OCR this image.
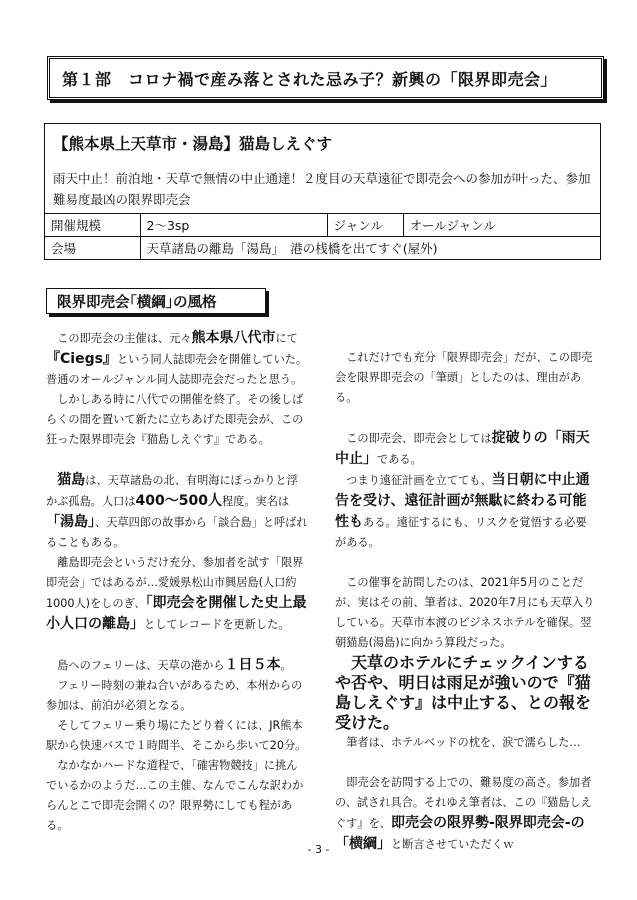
第１部　コロナ禍で産み落とされた忌み子？新興の「限界即売会」
【熊本県上天草市・湯島】猫島しえぐす
雨天中止！前泊地・天草で無情の中止通達！２度目の天草遠征で即売会への参加が叶った、参加難易度最凶の限界即売会
開催規模	2～3sp	ジャンル	オールジャンル
会場	天草諸島の離島「湯島」　港の桟橋を出てすぐ(屋外)		
限界即売会｢横綱｣の風格

この即売会の主催は、元々熊本県八代市にて『Ciegs』という同人誌即売会を開催していた。普通のオールジャンル同人誌即売会だったと思う。

しかしある時に八代での開催を終了。その後しばらくの間を置いて新たに立ちあげた即売会が、この狂った限界即売会『猫島しえぐす』である。

猫島は、天草諸島の北、有明海にぽっかりと浮かぶ孤島。人口は400～500人程度。実名は「湯島」、天草四郎の故事から「談合島」と呼ばれることもある。

離島即売会というだけ充分、参加者を試す「限界即売会」ではあるが…愛媛県松山市興居島(人口約1000人)をしのぎ、「即売会を開催した史上最小人口の離島」としてレコードを更新した。

島へのフェリーは、天草の港から１日５本。

フェリー時刻の兼ね合いがあるため、本州からの参加は、前泊が必須となる。

そしてフェリー乗り場にたどり着くには、JR熊本駅から快速バスで１時間半、そこから歩いて20分。

なかなかハードな道程で、「確害物競技」に挑んでいるかのようだ…この主催、なんでこんな訳わからんとこで即売会開くの？限界勢にしても程がある。

これだけでも充分「限界即売会」だが、この即売会を限界即売会の「筆頭」としたのは、理由がある。

この即売会、即売会としては掟破りの「雨天中止」である。

つまり遠征計画を立てても、当日朝に中止通告を受け、遠征計画が無駄に終わる可能性もある。遠征するにも、リスクを覚悟する必要がある。

この催事を訪問したのは、2021年5月のことだが、実はその前、筆者は、2020年7月にも天草入りしている。天草市本渡のビジネスホテルを確保。翌朝猫島(湯島)に向かう算段だった。

天草のホテルにチェックインするや否や、明日は雨足が強いので『猫島しえぐす』は中止する、との報を受けた。

筆者は、ホテルベッドの枕を、涙で濡らした…

即売会を訪問する上での、難易度の高さ。参加者の、試され具合。それゆえ筆者は、この『猫島しえぐす』を、即売会の限界勢-限界即売会-の「横綱」と断言させていただくｗ

- 3 -
